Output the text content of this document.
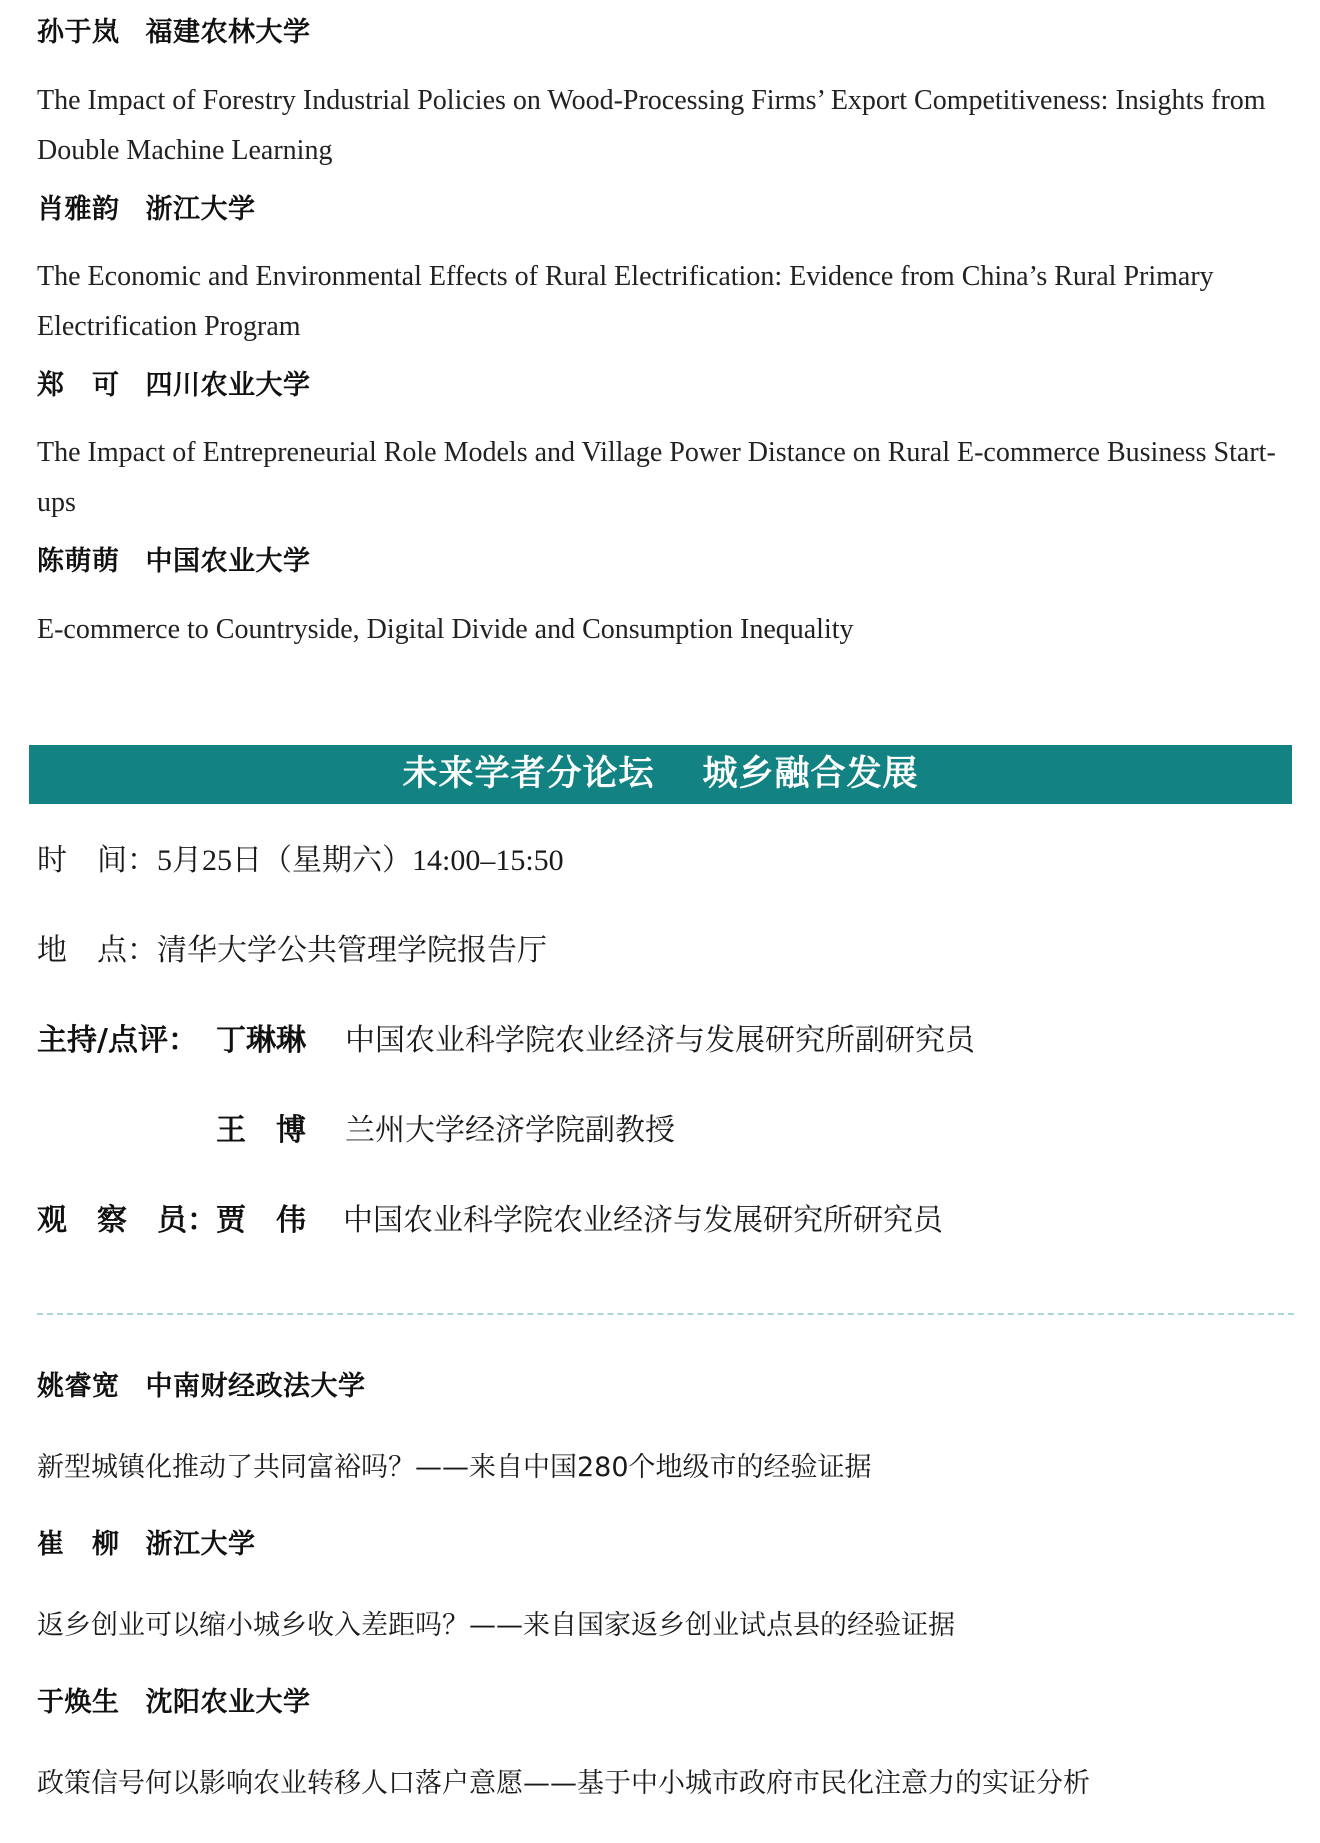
孙于岚 福建农林大学
The Impact of Forestry Industrial Policies on Wood-Processing Firms’ Export Competitiveness: Insights from Double Machine Learning
肖雅韵 浙江大学
The Economic and Environmental Effects of Rural Electrification: Evidence from China’s Rural Primary Electrification Program
郑　可 四川农业大学
The Impact of Entrepreneurial Role Models and Village Power Distance on Rural E-commerce Business Start-ups
陈萌萌 中国农业大学
E-commerce to Countryside, Digital Divide and Consumption Inequality
未来学者分论坛 城乡融合发展
时　间：5月25日（星期六）14:00–15:50
地　点：清华大学公共管理学院报告厅
主持/点评： 丁琳琳 中国农业科学院农业经济与发展研究所副研究员
王　博 兰州大学经济学院副教授
观　察　员： 贾　伟 中国农业科学院农业经济与发展研究所研究员
姚睿宽 中南财经政法大学
新型城镇化推动了共同富裕吗？——来自中国280个地级市的经验证据
崔　柳 浙江大学
返乡创业可以缩小城乡收入差距吗？——来自国家返乡创业试点县的经验证据
于焕生 沈阳农业大学
政策信号何以影响农业转移人口落户意愿——基于中小城市政府市民化注意力的实证分析
